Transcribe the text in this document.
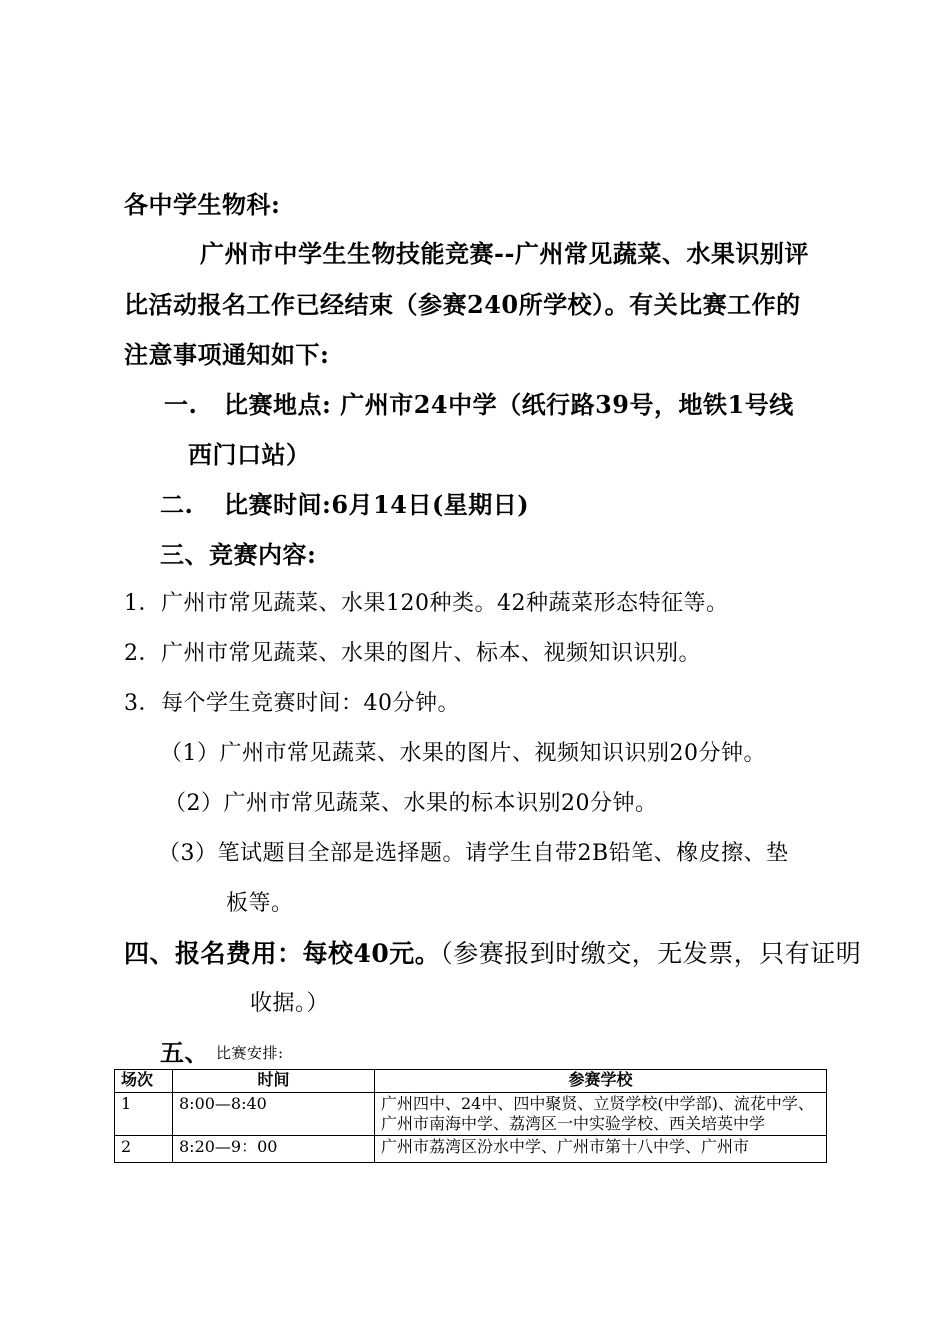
各中学生物科:
广州市中学生生物技能竞赛--广州常见蔬菜、水果识别评
比活动报名工作已经结束（参赛240所学校）。有关比赛工作的
注意事项通知如下:
一. 比赛地点: 广州市24中学（纸行路39号，地铁1号线
西门口站）
二. 比赛时间:6月14日(星期日)
三、竞赛内容:
1．广州市常见蔬菜、水果120种类。42种蔬菜形态特征等。
2．广州市常见蔬菜、水果的图片、标本、视频知识识别。
3．每个学生竞赛时间：40分钟。
（1）广州市常见蔬菜、水果的图片、视频知识识别20分钟。
（2）广州市常见蔬菜、水果的标本识别20分钟。
（3）笔试题目全部是选择题。请学生自带2B铅笔、橡皮擦、垫
板等。
四、报名费用：每校40元。（参赛报到时缴交，无发票，只有证明
收据。）
五、 比赛安排:
场次	时间	参赛学校
1	8:00—8:40	广州四中、24中、四中聚贤、立贤学校(中学部)、流花中学、广州市南海中学、荔湾区一中实验学校、西关培英中学
2	8:20—9：00	广州市荔湾区汾水中学、广州市第十八中学、广州市
